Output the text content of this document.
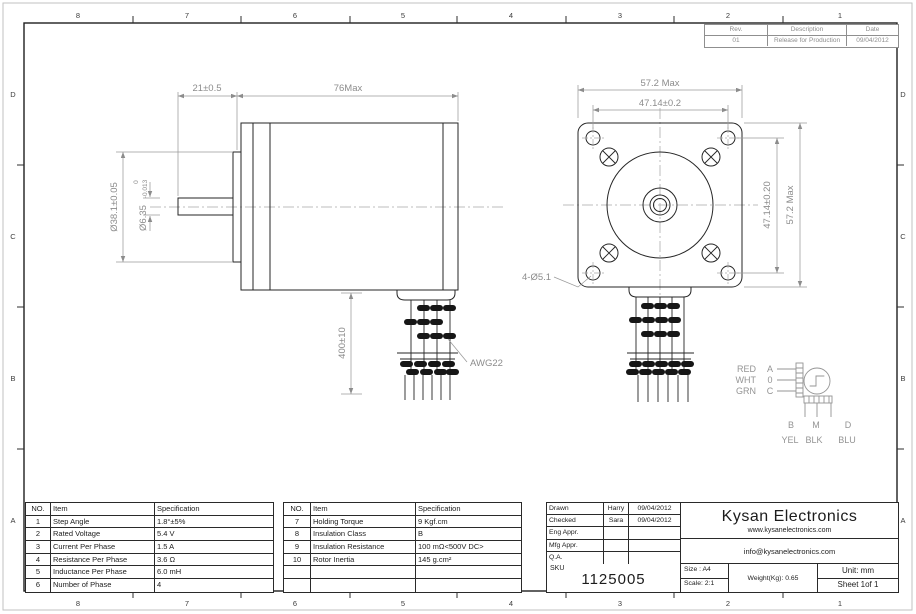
8	7	6	5	4	3	2	1
8	7	6	5	4	3	2	1
D
C
B
A
D
C
B
A
21±0.5	76Max
Ø38.1±0.05 Ø6.35
0 -0.013
400±10
AWG22
57.2 Max
47.14±0.2
47.14±0.20 57.2 Max
4-Ø5.1
RED
WHT
GRN
A
0
C
B M	D
YEL BLK BLU
Rev.	Description	Date
01	Release for Production	09/04/2012
NO.	Item	Specification
1	Step Angle	1.8°±5%
2	Rated Voltage	5.4 V
3	Current Per Phase	1.5 A
4	Resistance Per Phase	3.6 Ω
5	Inductance Per Phase	6.0 mH
6	Number of Phase	4
NO.	Item	Specification
7	Holding Torque	9 Kgf.cm
8	Insulation Class	B
9	Insulation Resistance	100 mΩ<500V DC>
10	Rotor Inertia	145 g.cm²
Drawn	Harry	09/04/2012
Checked	Sara	09/04/2012
Eng Appr.
Mfg Appr.
Q.A.
Kysan Electronics
www.kysanelectronics.com
info@kysanelectronics.com
SKU
1125005
Size : A4
Scale: 2:1
Weight(Kg): 0.65
Unit: mm
Sheet 1of 1
